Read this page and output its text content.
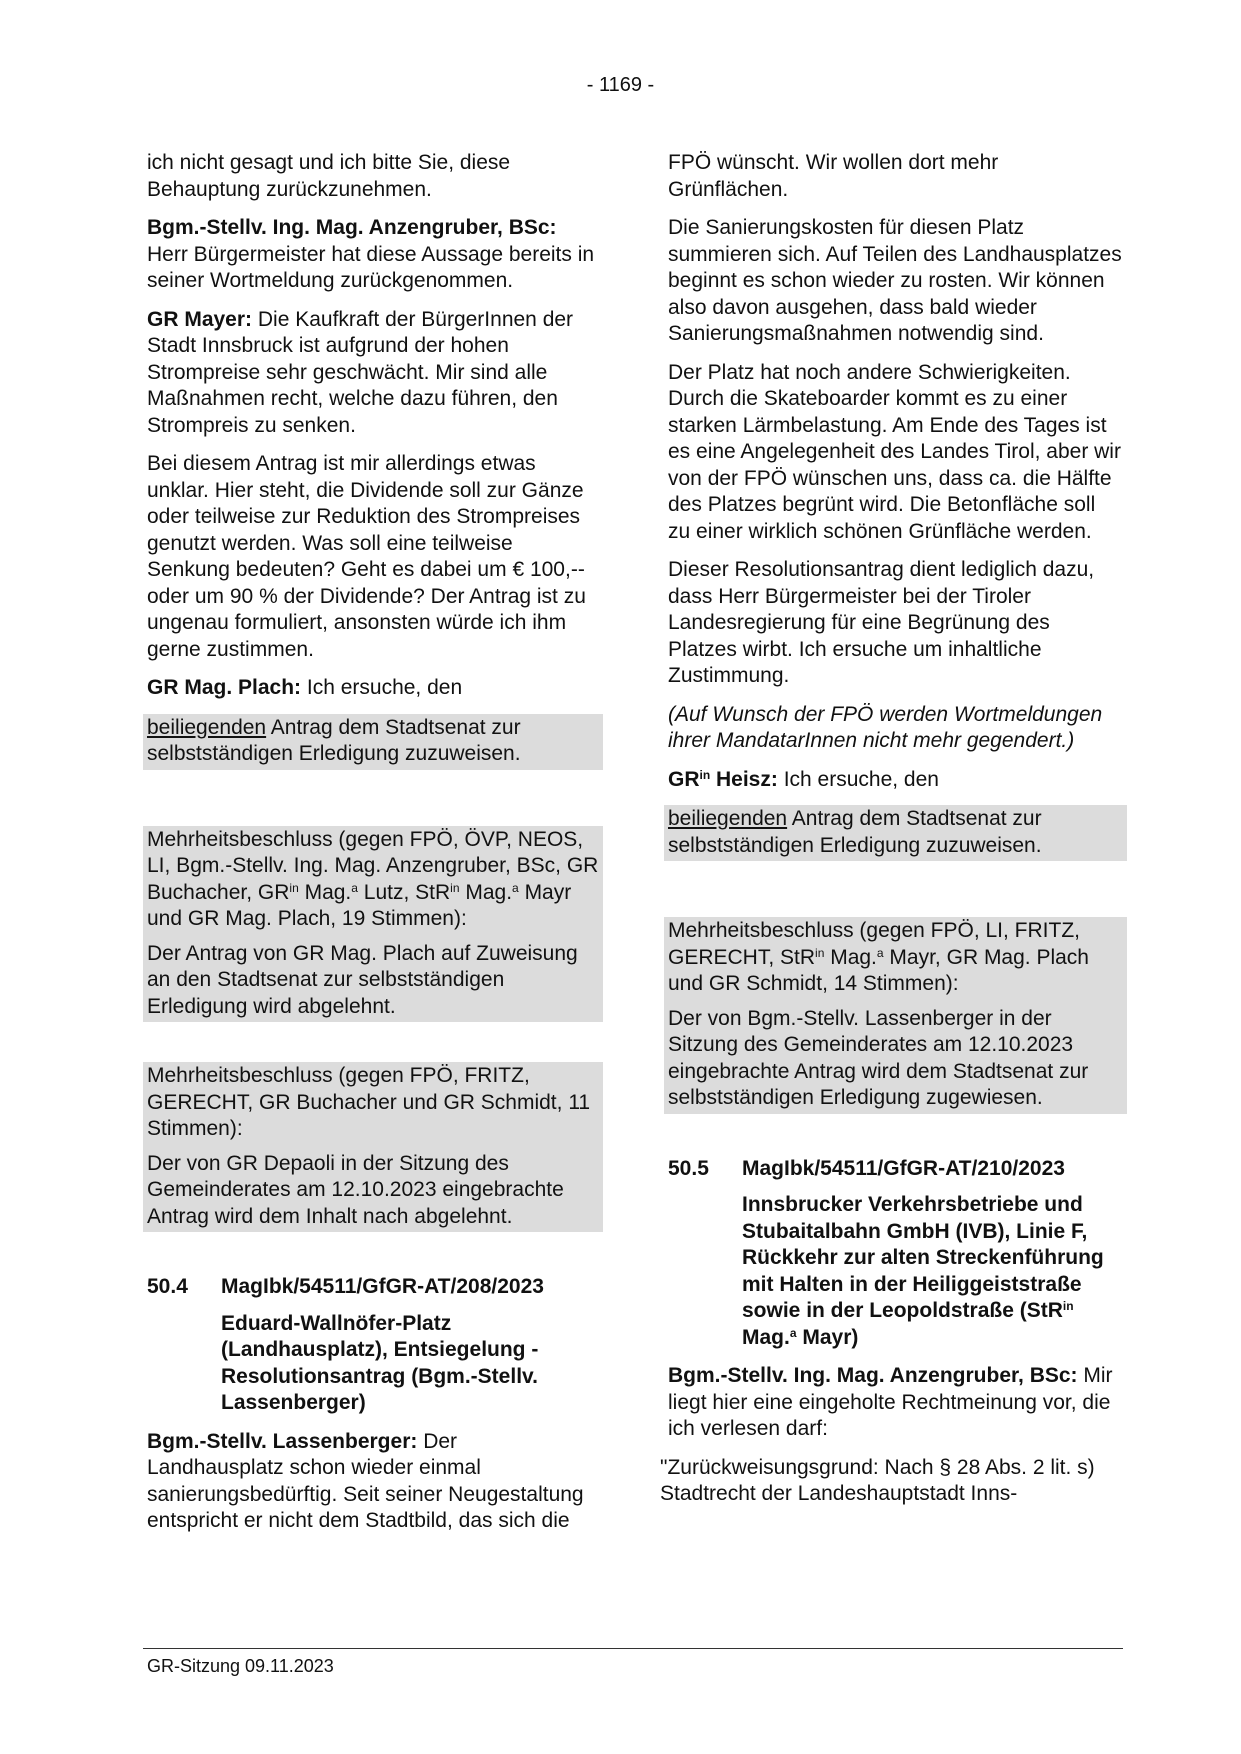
- 1169 -

ich nicht gesagt und ich bitte Sie, diese Behauptung zurückzunehmen.

Bgm.-Stellv. Ing. Mag. Anzengruber, BSc: Herr Bürgermeister hat diese Aussage bereits in seiner Wortmeldung zurückgenommen.

GR Mayer: Die Kaufkraft der BürgerInnen der Stadt Innsbruck ist aufgrund der hohen Strompreise sehr geschwächt. Mir sind alle Maßnahmen recht, welche dazu führen, den Strompreis zu senken.

Bei diesem Antrag ist mir allerdings etwas unklar. Hier steht, die Dividende soll zur Gänze oder teilweise zur Reduktion des Strompreises genutzt werden. Was soll eine teilweise Senkung bedeuten? Geht es dabei um € 100,-- oder um 90 % der Dividende? Der Antrag ist zu ungenau formuliert, ansonsten würde ich ihm gerne zustimmen.

GR Mag. Plach: Ich ersuche, den

beiliegenden Antrag dem Stadtsenat zur selbstständigen Erledigung zuzuweisen.

Mehrheitsbeschluss (gegen FPÖ, ÖVP, NEOS, LI, Bgm.-Stellv. Ing. Mag. Anzengruber, BSc, GR Buchacher, $GR^{in}$ Mag.$^a$ Lutz, StR$^{in}$ Mag.$^a$ Mayr und GR Mag. Plach, 19 Stimmen):

Der Antrag von GR Mag. Plach auf Zuweisung an den Stadtsenat zur selbstständigen Erledigung wird abgelehnt.

Mehrheitsbeschluss (gegen FPÖ, FRITZ, GERECHT, GR Buchacher und GR Schmidt, 11 Stimmen):

Der von GR Depaoli in der Sitzung des Gemeinderates am 12.10.2023 eingebrachte Antrag wird dem Inhalt nach abgelehnt.

50.4 MagIbk/54511/GfGR-AT/208/2023
Eduard-Wallnöfer-Platz (Landhausplatz), Entsiegelung - Resolutionsantrag (Bgm.-Stellv. Lassenberger)

Bgm.-Stellv. Lassenberger: Der Landhausplatz schon wieder einmal sanierungsbedürftig. Seit seiner Neugestaltung entspricht er nicht dem Stadtbild, das sich die

FPÖ wünscht. Wir wollen dort mehr Grünflächen.

Die Sanierungskosten für diesen Platz summieren sich. Auf Teilen des Landhausplatzes beginnt es schon wieder zu rosten. Wir können also davon ausgehen, dass bald wieder Sanierungsmaßnahmen notwendig sind.

Der Platz hat noch andere Schwierigkeiten. Durch die Skateboarder kommt es zu einer starken Lärmbelastung. Am Ende des Tages ist es eine Angelegenheit des Landes Tirol, aber wir von der FPÖ wünschen uns, dass ca. die Hälfte des Platzes begrünt wird. Die Betonfläche soll zu einer wirklich schönen Grünfläche werden.

Dieser Resolutionsantrag dient lediglich dazu, dass Herr Bürgermeister bei der Tiroler Landesregierung für eine Begrünung des Platzes wirbt. Ich ersuche um inhaltliche Zustimmung.

(Auf Wunsch der FPÖ werden Wortmeldungen ihrer MandatarInnen nicht mehr gegendert.)

$GR^{in}$ Heisz: Ich ersuche, den

beiliegenden Antrag dem Stadtsenat zur selbstständigen Erledigung zuzuweisen.

Mehrheitsbeschluss (gegen FPÖ, LI, FRITZ, GERECHT, StR$^{in}$ Mag.$^a$ Mayr, GR Mag. Plach und GR Schmidt, 14 Stimmen):

Der von Bgm.-Stellv. Lassenberger in der Sitzung des Gemeinderates am 12.10.2023 eingebrachte Antrag wird dem Stadtsenat zur selbstständigen Erledigung zugewiesen.

50.5 MagIbk/54511/GfGR-AT/210/2023
Innsbrucker Verkehrsbetriebe und Stubaitalbahn GmbH (IVB), Linie F, Rückkehr zur alten Streckenführung mit Halten in der Heiliggeiststraße sowie in der Leopoldstraße (StR$^{in}$ Mag.$^a$ Mayr)

Bgm.-Stellv. Ing. Mag. Anzengruber, BSc: Mir liegt hier eine eingeholte Rechtmeinung vor, die ich verlesen darf:

"Zurückweisungsgrund: Nach § 28 Abs. 2 lit. s) Stadtrecht der Landeshauptstadt Inns-

GR-Sitzung 09.11.2023
